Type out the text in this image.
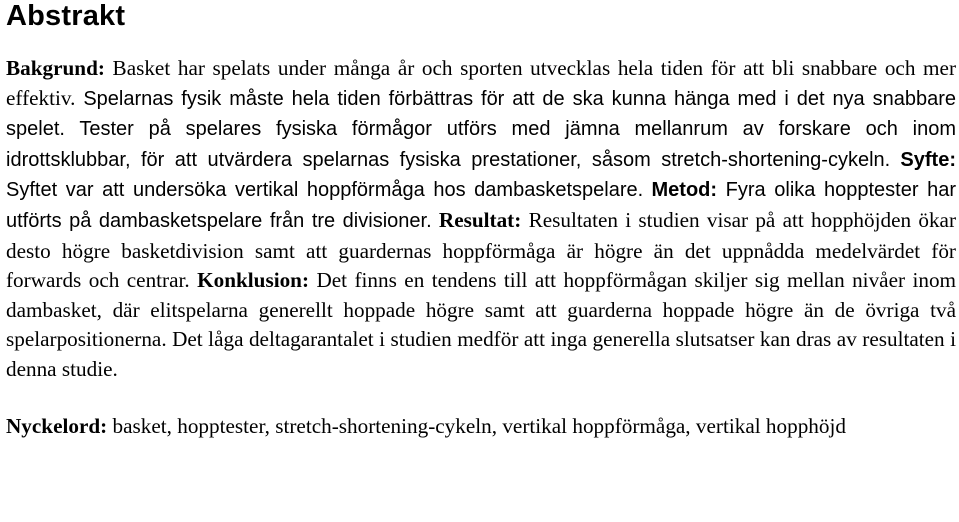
Abstrakt

Bakgrund: Basket har spelats under många år och sporten utvecklas hela tiden för att bli snabbare och mer effektiv. Spelarnas fysik måste hela tiden förbättras för att de ska kunna hänga med i det nya snabbare spelet. Tester på spelares fysiska förmågor utförs med jämna mellanrum av forskare och inom idrottsklubbar, för att utvärdera spelarnas fysiska prestationer, såsom stretch-shortening-cykeln. Syfte: Syftet var att undersöka vertikal hoppförmåga hos dambasketspelare. Metod: Fyra olika hopptester har utförts på dambasketspelare från tre divisioner. Resultat: Resultaten i studien visar på att hopphöjden ökar desto högre basketdivision samt att guardernas hoppförmåga är högre än det uppnådda medelvärdet för forwards och centrar. Konklusion: Det finns en tendens till att hoppförmågan skiljer sig mellan nivåer inom dambasket, där elitspelarna generellt hoppade högre samt att guarderna hoppade högre än de övriga två spelarpositionerna. Det låga deltagarantalet i studien medför att inga generella slutsatser kan dras av resultaten i denna studie.

Nyckelord: basket, hopptester, stretch-shortening-cykeln, vertikal hoppförmåga, vertikal hopphöjd
